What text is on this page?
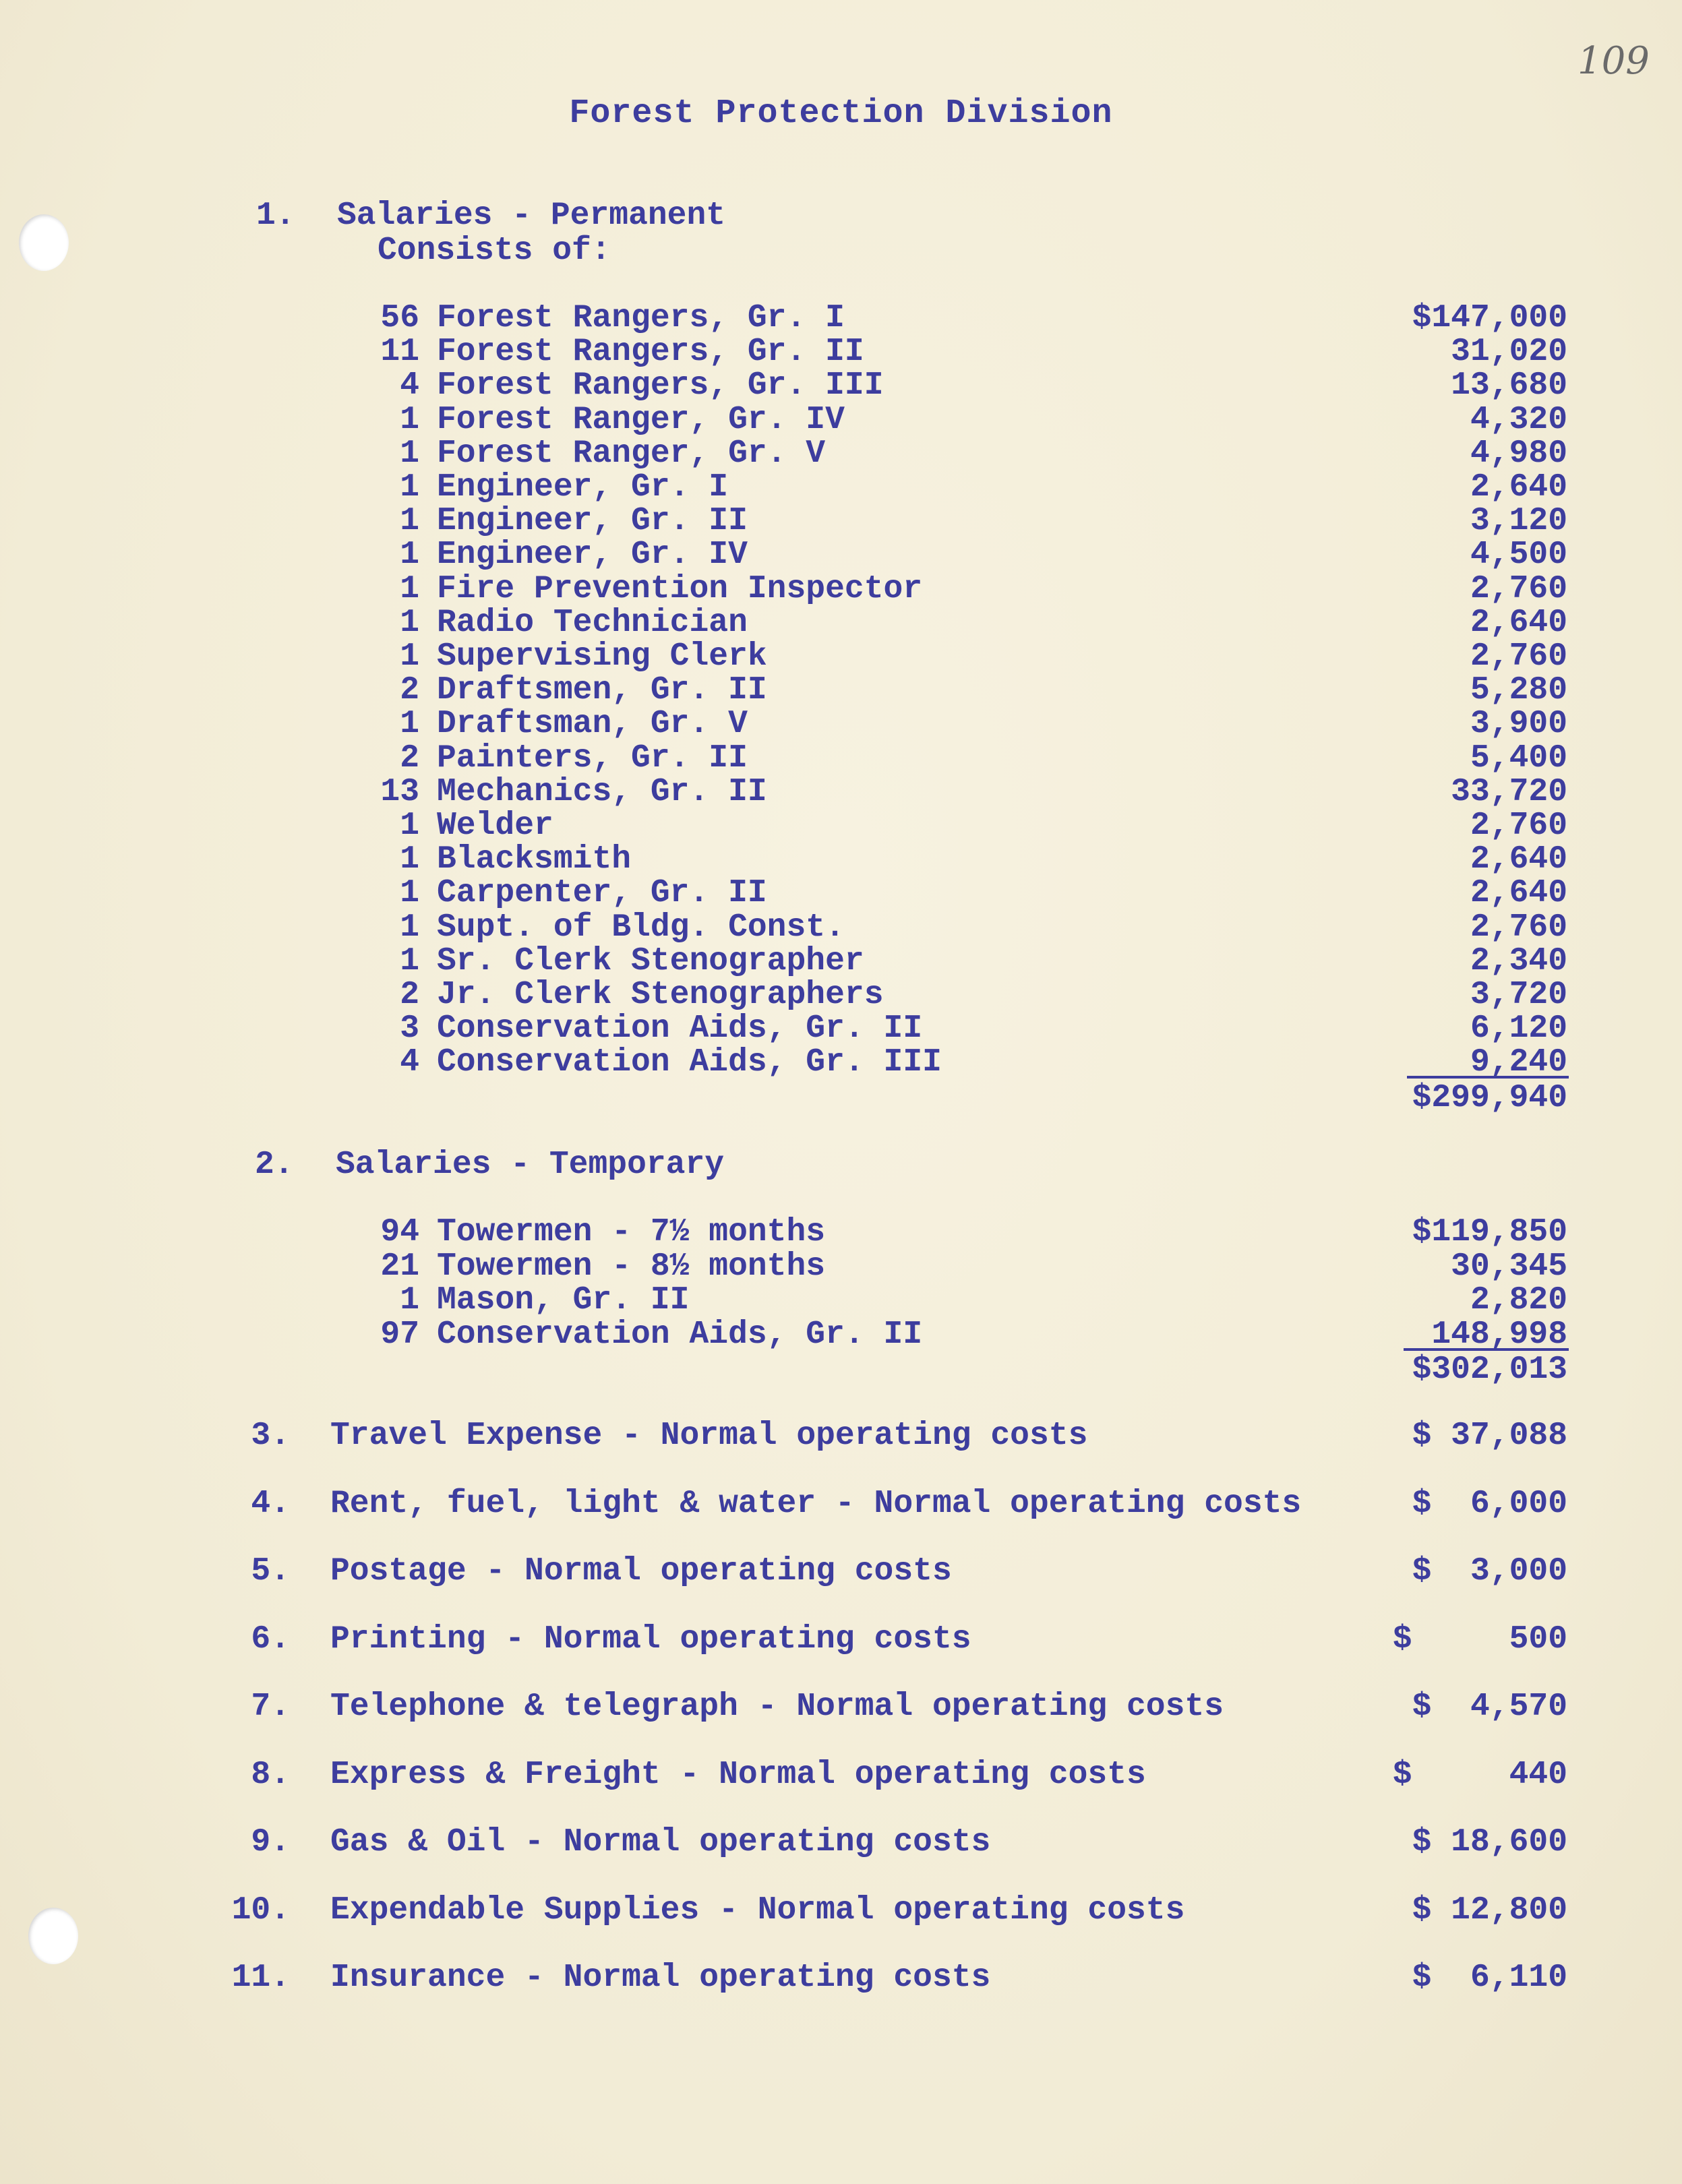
109
Forest Protection Division
1. Salaries - Permanent
Consists of:
56 Forest Rangers, Gr. I	$147,000
11 Forest Rangers, Gr. II	31,020
4 Forest Rangers, Gr. III	13,680
1 Forest Ranger, Gr. IV	4,320
1 Forest Ranger, Gr. V	4,980
1 Engineer, Gr. I	2,640
1 Engineer, Gr. II	3,120
1 Engineer, Gr. IV	4,500
1 Fire Prevention Inspector	2,760
1 Radio Technician	2,640
1 Supervising Clerk	2,760
2 Draftsmen, Gr. II	5,280
1 Draftsman, Gr. V	3,900
2 Painters, Gr. II	5,400
13 Mechanics, Gr. II	33,720
1 Welder	2,760
1 Blacksmith	2,640
1 Carpenter, Gr. II	2,640
1 Supt. of Bldg. Const.	2,760
1 Sr. Clerk Stenographer	2,340
2 Jr. Clerk Stenographers	3,720
3 Conservation Aids, Gr. II	6,120
4 Conservation Aids, Gr. III	9,240
$299,940
2. Salaries - Temporary
94 Towermen - 7½ months	$119,850
21 Towermen - 8½ months	30,345
1 Mason, Gr. II	2,820
97 Conservation Aids, Gr. II	148,998
$302,013
3. Travel Expense - Normal operating costs	$ 37,088
4. Rent, fuel, light & water - Normal operating costs	$  6,000
5. Postage - Normal operating costs	$  3,000
6. Printing - Normal operating costs	$     500
7. Telephone & telegraph - Normal operating costs	$  4,570
8. Express & Freight - Normal operating costs	$     440
9. Gas & Oil - Normal operating costs	$ 18,600
10. Expendable Supplies - Normal operating costs	$ 12,800
11. Insurance - Normal operating costs	$  6,110
